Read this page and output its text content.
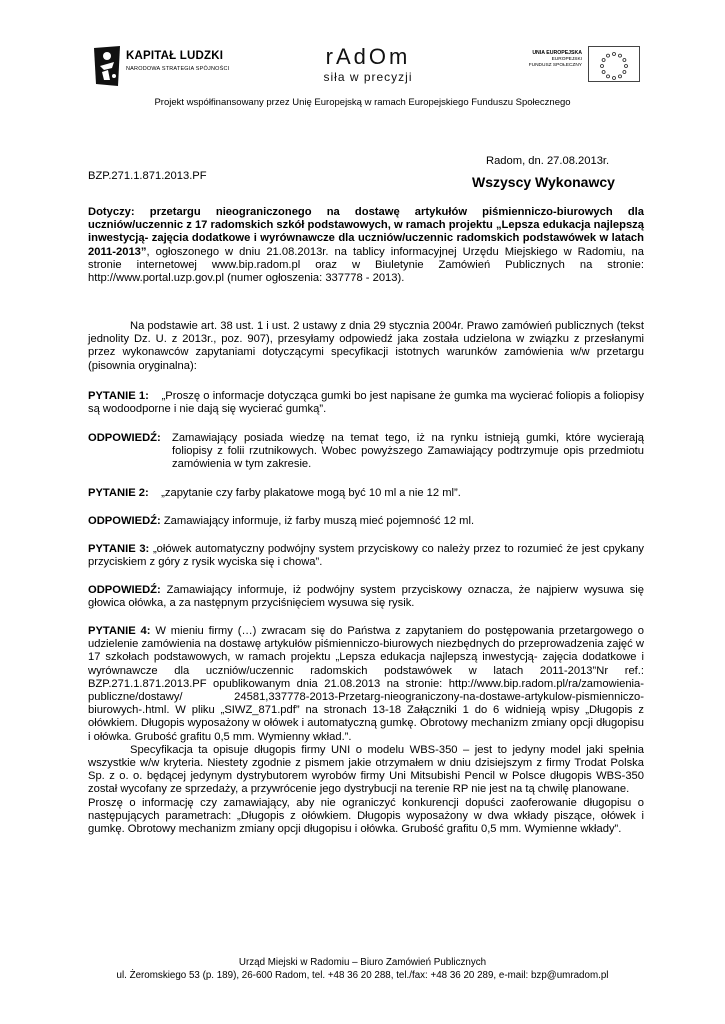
KAPITAŁ LUDZKI
NARODOWA STRATEGIA SPÓJNOŚCI	rAdOm
siła w precyzji
UNIA EUROPEJSKA
EUROPEJSKI
FUNDUSZ SPOŁECZNY
Projekt współfinansowany przez Unię Europejską w ramach Europejskiego Funduszu Społecznego
Radom, dn. 27.08.2013r.
BZP.271.1.871.2013.PF	Wszyscy Wykonawcy
Dotyczy: przetargu nieograniczonego na dostawę artykułów piśmienniczo-biurowych dla uczniów/uczennic z 17 radomskich szkół podstawowych, w ramach projektu „Lepsza edukacja najlepszą inwestycją- zajęcia dodatkowe i wyrównawcze dla uczniów/uczennic radomskich podstawówek w latach 2011-2013”, ogłoszonego w dniu 21.08.2013r. na tablicy informacyjnej Urzędu Miejskiego w Radomiu, na stronie internetowej www.bip.radom.pl oraz w Biuletynie Zamówień Publicznych na stronie: http://www.portal.uzp.gov.pl (numer ogłoszenia: 337778 - 2013).
Na podstawie art. 38 ust. 1 i ust. 2 ustawy z dnia 29 stycznia 2004r. Prawo zamówień publicznych (tekst jednolity Dz. U. z 2013r., poz. 907), przesyłamy odpowiedź jaka została udzielona w związku z przesłanymi przez wykonawców zapytaniami dotyczącymi specyfikacji istotnych warunków zamówienia w/w przetargu (pisownia oryginalna):
PYTANIE 1: „Proszę o informacje dotycząca gumki bo jest napisane że gumka ma wycierać foliopis a foliopisy są wodoodporne i nie dają się wycierać gumką”.
ODPOWIEDŹ: Zamawiający posiada wiedzę na temat tego, iż na rynku istnieją gumki, które wycierają foliopisy z folii rzutnikowych. Wobec powyższego Zamawiający podtrzymuje opis przedmiotu zamówienia w tym zakresie.
PYTANIE 2: „zapytanie czy farby plakatowe mogą być 10 ml a nie 12 ml”.
ODPOWIEDŹ: Zamawiający informuje, iż farby muszą mieć pojemność 12 ml.
PYTANIE 3: „ołówek automatyczny podwójny system przyciskowy co należy przez to rozumieć że jest cpykany przyciskiem z góry z rysik wyciska się i chowa”.
ODPOWIEDŹ: Zamawiający informuje, iż podwójny system przyciskowy oznacza, że najpierw wysuwa się głowica ołówka, a za następnym przyciśnięciem wysuwa się rysik.
PYTANIE 4: W mieniu firmy (…) zwracam się do Państwa z zapytaniem do postępowania przetargowego o udzielenie zamówienia na dostawę artykułów piśmienniczo-biurowych niezbędnych do przeprowadzenia zajęć w 17 szkołach podstawowych, w ramach projektu „Lepsza edukacja najlepszą inwestycją- zajęcia dodatkowe i wyrównawcze dla uczniów/uczennic radomskich podstawówek w latach 2011-2013”Nr ref.: BZP.271.1.871.2013.PF opublikowanym dnia 21.08.2013 na stronie: http://www.bip.radom.pl/ra/zamowienia-publiczne/dostawy/ 24581,337778-2013-Przetarg-nieograniczony-na-dostawe-artykulow-pismienniczo-biurowych-.html. W pliku „SIWZ_871.pdf” na stronach 13-18 Załączniki 1 do 6 widnieją wpisy „Długopis z ołówkiem. Długopis wyposażony w ołówek i automatyczną gumkę. Obrotowy mechanizm zmiany opcji długopisu i ołówka. Grubość grafitu 0,5 mm. Wymienny wkład.”.
Specyfikacja ta opisuje długopis firmy UNI o modelu WBS-350 – jest to jedyny model jaki spełnia wszystkie w/w kryteria. Niestety zgodnie z pismem jakie otrzymałem w dniu dzisiejszym z firmy Trodat Polska Sp. z o. o. będącej jedynym dystrybutorem wyrobów firmy Uni Mitsubishi Pencil w Polsce długopis WBS-350 został wycofany ze sprzedaży, a przywrócenie jego dystrybucji na terenie RP nie jest na tą chwilę planowane.
Proszę o informację czy zamawiający, aby nie ograniczyć konkurencji dopuści zaoferowanie długopisu o następujących parametrach: „Długopis z ołówkiem. Długopis wyposażony w dwa wkłady piszące, ołówek i gumkę. Obrotowy mechanizm zmiany opcji długopisu i ołówka. Grubość grafitu 0,5 mm. Wymienne wkłady”.
Urząd Miejski w Radomiu – Biuro Zamówień Publicznych
ul. Żeromskiego 53 (p. 189), 26-600 Radom, tel. +48 36 20 288, tel./fax: +48 36 20 289, e-mail: bzp@umradom.pl
